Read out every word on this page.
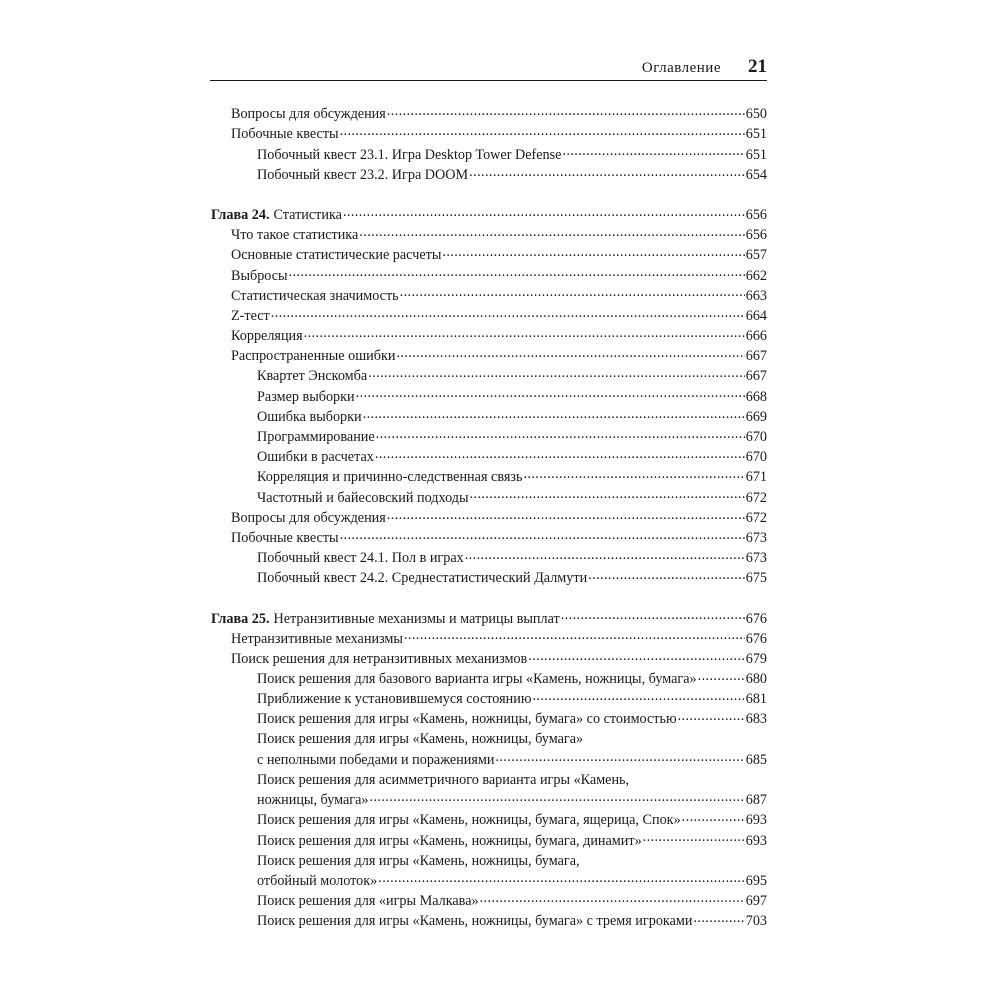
Оглавление 21
Вопросы для обсуждения .....	650
Побочные квесты .....	651
Побочный квест 23.1. Игра Desktop Tower Defense .....	651
Побочный квест 23.2. Игра DOOM .....	654
Глава 24. Статистика .....	656
Что такое статистика .....	656
Основные статистические расчеты .....	657
Выбросы .....	662
Статистическая значимость .....	663
Z-тест .....	664
Корреляция .....	666
Распространенные ошибки .....	667
Квартет Энскомба .....	667
Размер выборки .....	668
Ошибка выборки .....	669
Программирование .....	670
Ошибки в расчетах .....	670
Корреляция и причинно-следственная связь .....	671
Частотный и байесовский подходы .....	672
Вопросы для обсуждения .....	672
Побочные квесты .....	673
Побочный квест 24.1. Пол в играх .....	673
Побочный квест 24.2. Среднестатистический Далмути .....	675
Глава 25. Нетранзитивные механизмы и матрицы выплат .....	676
Нетранзитивные механизмы .....	676
Поиск решения для нетранзитивных механизмов .....	679
Поиск решения для базового варианта игры «Камень, ножницы, бумага» .....	680
Приближение к установившемуся состоянию .....	681
Поиск решения для игры «Камень, ножницы, бумага» со стоимостью .....	683
Поиск решения для игры «Камень, ножницы, бумага»
с неполными победами и поражениями .....	685
Поиск решения для асимметричного варианта игры «Камень,
ножницы, бумага» .....	687
Поиск решения для игры «Камень, ножницы, бумага, ящерица, Спок» .....	693
Поиск решения для игры «Камень, ножницы, бумага, динамит» .....	693
Поиск решения для игры «Камень, ножницы, бумага,
отбойный молоток» .....	695
Поиск решения для «игры Малкава» .....	697
Поиск решения для игры «Камень, ножницы, бумага» с тремя игроками .....	703
